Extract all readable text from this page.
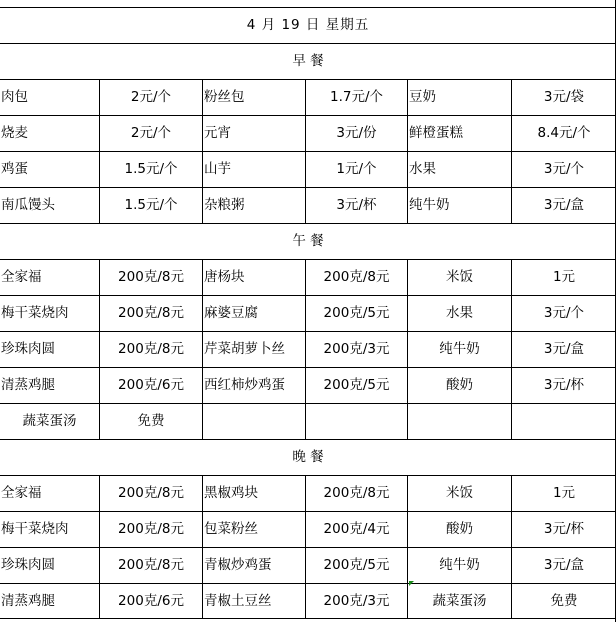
4 月 19 日 星期五
早 餐
肉包	2元/个	粉丝包	1.7元/个	豆奶	3元/袋
烧麦	2元/个	元宵	3元/份	鲜橙蛋糕	8.4元/个
鸡蛋	1.5元/个	山芋	1元/个	水果	3元/个
南瓜馒头	1.5元/个	杂粮粥	3元/杯	纯牛奶	3元/盒
午 餐
全家福	200克/8元	唐杨块	200克/8元	米饭	1元
梅干菜烧肉	200克/8元	麻婆豆腐	200克/5元	水果	3元/个
珍珠肉圆	200克/8元	芹菜胡萝卜丝	200克/3元	纯牛奶	3元/盒
清蒸鸡腿	200克/6元	西红柿炒鸡蛋	200克/5元	酸奶	3元/杯
蔬菜蛋汤	免费
晚 餐
全家福	200克/8元	黑椒鸡块	200克/8元	米饭	1元
梅干菜烧肉	200克/8元	包菜粉丝	200克/4元	酸奶	3元/杯
珍珠肉圆	200克/8元	青椒炒鸡蛋	200克/5元	纯牛奶	3元/盒
清蒸鸡腿	200克/6元	青椒土豆丝	200克/3元	蔬菜蛋汤	免费
